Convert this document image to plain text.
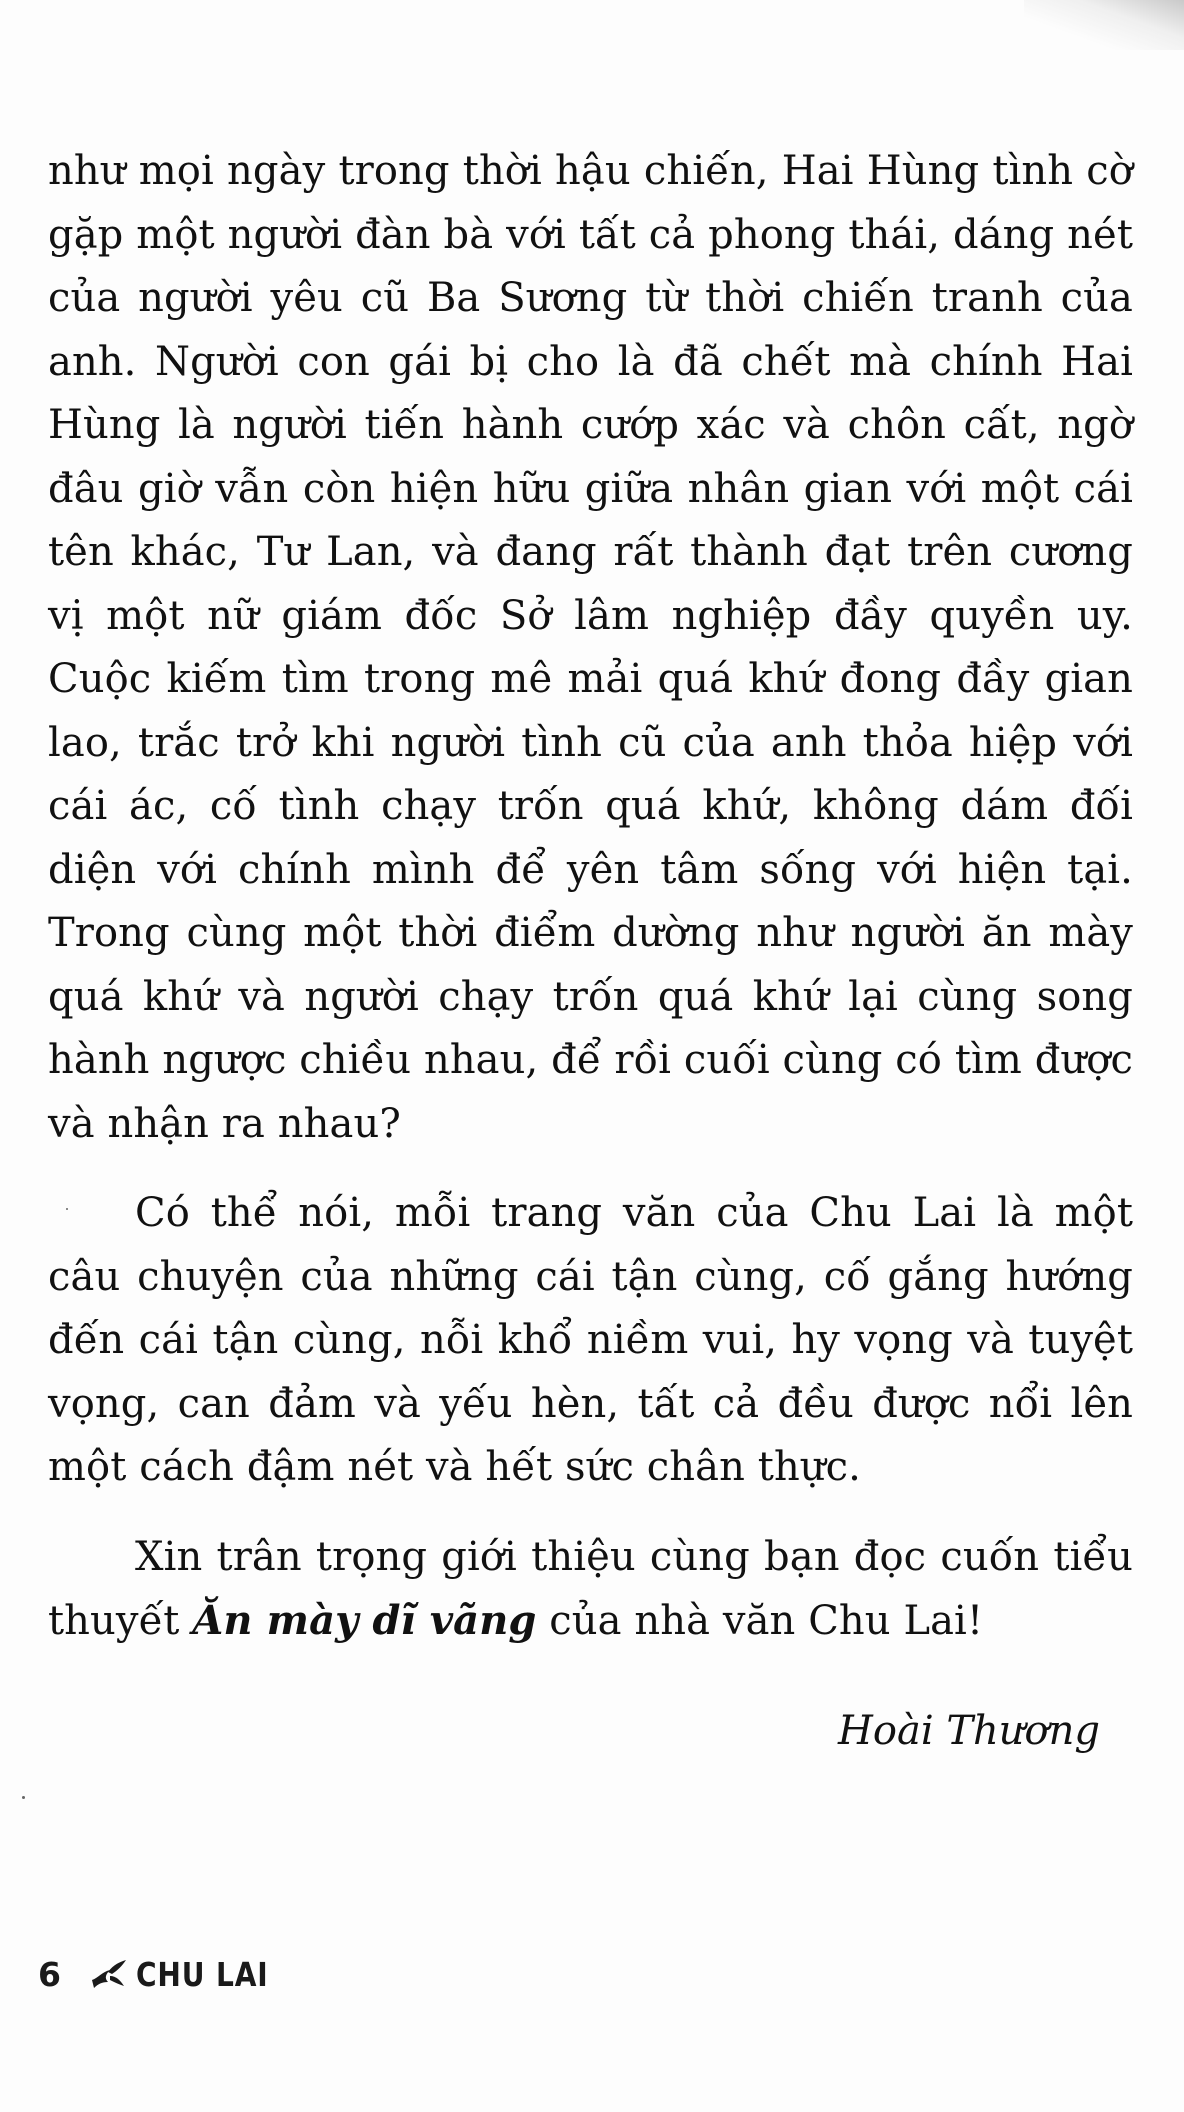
như mọi ngày trong thời hậu chiến, Hai Hùng tình cờ gặp một người đàn bà với tất cả phong thái, dáng nét của người yêu cũ Ba Sương từ thời chiến tranh của anh. Người con gái bị cho là đã chết mà chính Hai Hùng là người tiến hành cướp xác và chôn cất, ngờ đâu giờ vẫn còn hiện hữu giữa nhân gian với một cái tên khác, Tư Lan, và đang rất thành đạt trên cương vị một nữ giám đốc Sở lâm nghiệp đầy quyền uy. Cuộc kiếm tìm trong mê mải quá khứ đong đầy gian lao, trắc trở khi người tình cũ của anh thỏa hiệp với cái ác, cố tình chạy trốn quá khứ, không dám đối diện với chính mình để yên tâm sống với hiện tại. Trong cùng một thời điểm dường như người ăn mày quá khứ và người chạy trốn quá khứ lại cùng song hành ngược chiều nhau, để rồi cuối cùng có tìm được và nhận ra nhau?

Có thể nói, mỗi trang văn của Chu Lai là một câu chuyện của những cái tận cùng, cố gắng hướng đến cái tận cùng, nỗi khổ niềm vui, hy vọng và tuyệt vọng, can đảm và yếu hèn, tất cả đều được nổi lên một cách đậm nét và hết sức chân thực.

Xin trân trọng giới thiệu cùng bạn đọc cuốn tiểu thuyết Ăn mày dĩ vãng của nhà văn Chu Lai!

Hoài Thương
6	CHU LAI
